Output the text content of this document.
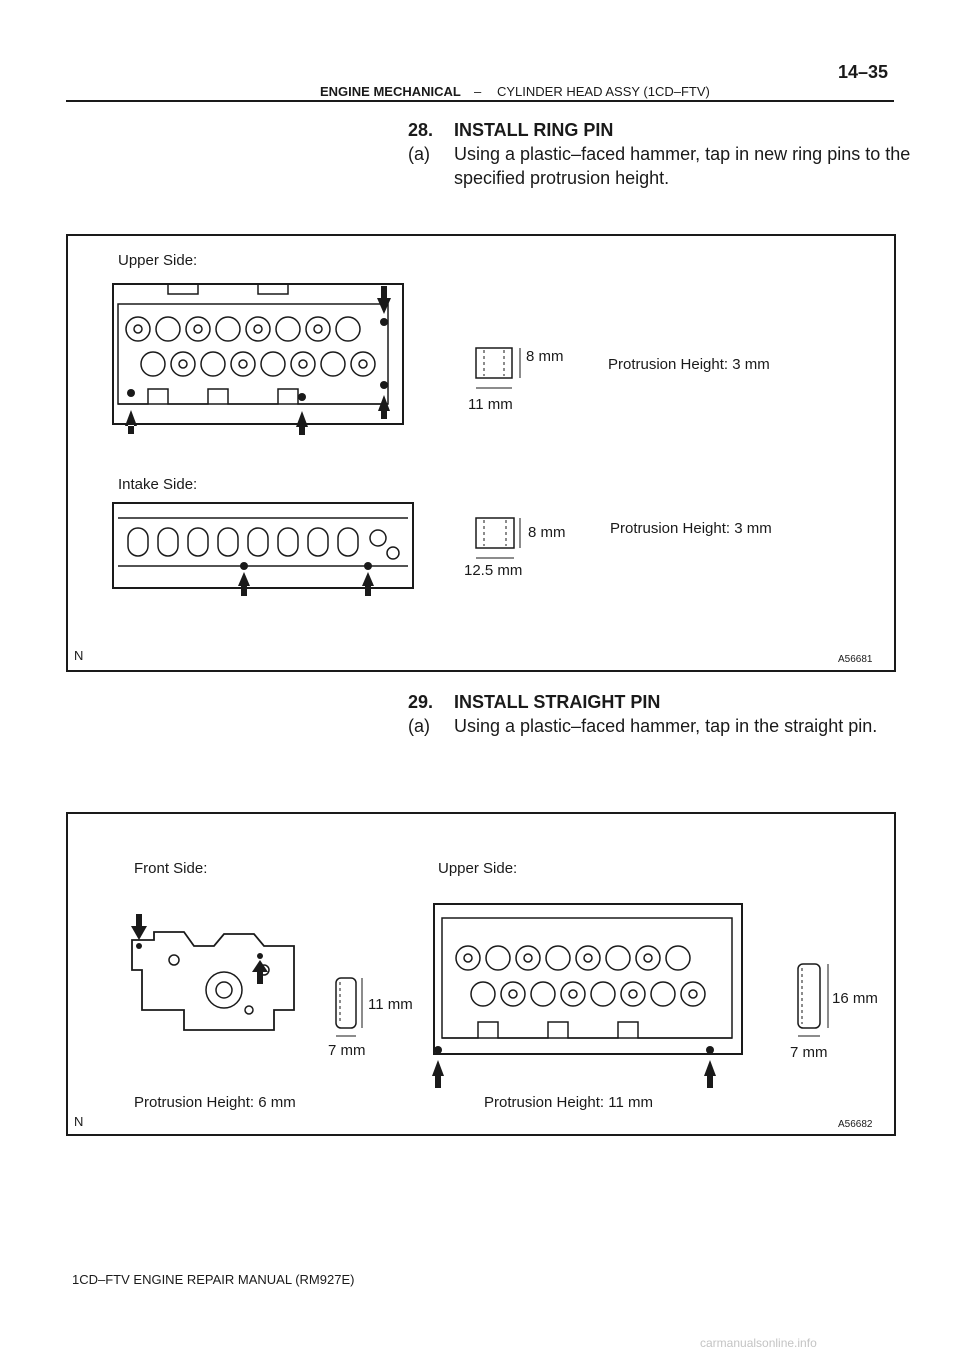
ENGINE MECHANICAL – CYLINDER HEAD ASSY (1CD–FTV)
14–35
28. INSTALL RING PIN
(a) Using a plastic–faced hammer, tap in new ring pins to the
specified protrusion height.
Upper Side:
Intake Side:
8 mm
11 mm
Protrusion Height: 3 mm
8 mm
12.5 mm
Protrusion Height: 3 mm
N	A56681
29. INSTALL STRAIGHT PIN
(a) Using a plastic–faced hammer, tap in the straight pin.
Front Side:	Upper Side:
11 mm
7 mm
16 mm
7 mm
Protrusion Height: 6 mm	Protrusion Height: 11 mm
N	A56682
1CD–FTV ENGINE REPAIR MANUAL (RM927E)
carmanualsonline.info
